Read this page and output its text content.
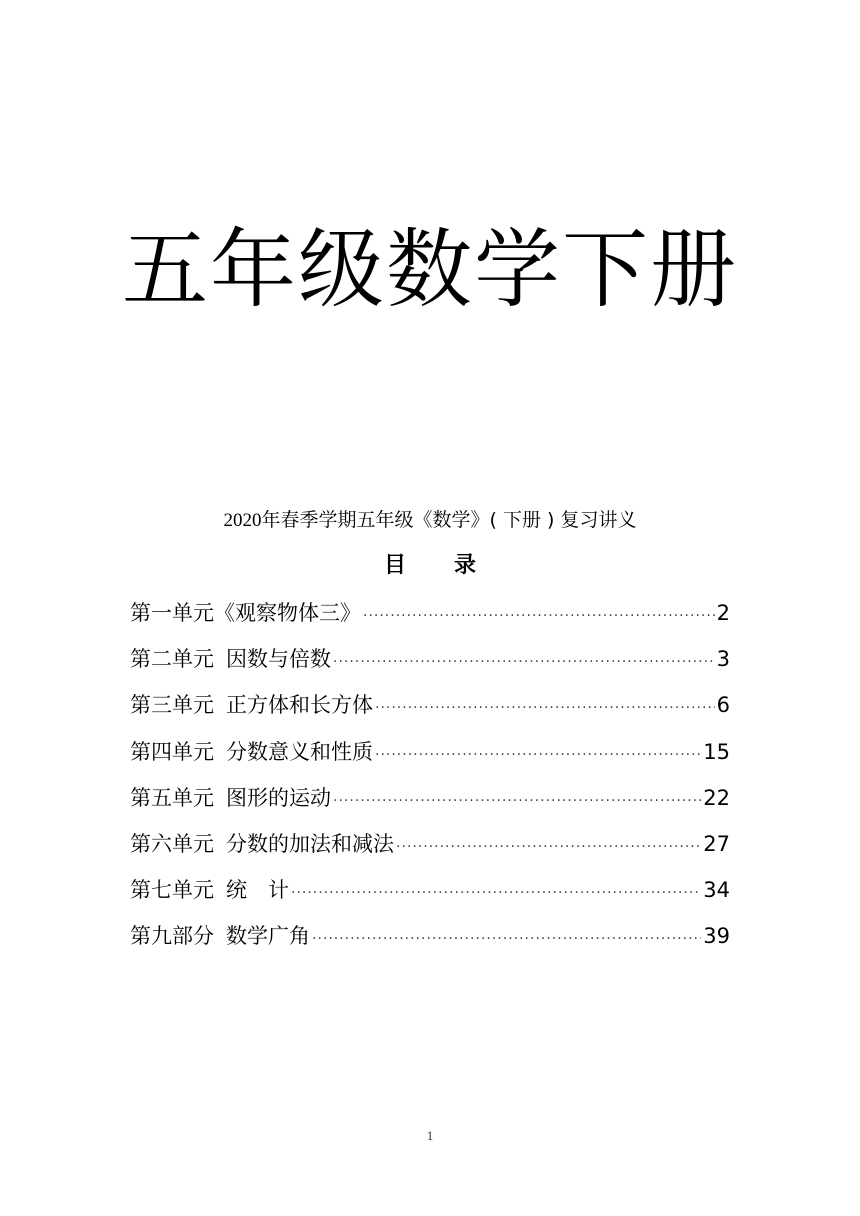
五年级数学下册
2020年春季学期五年级《数学》( 下册 ) 复习讲义
目 录
第一单元 《观察物体三》 ·····	2
第二单元 因数与倍数 ·····	3
第三单元 正方体和长方体 ·····	6
第四单元 分数意义和性质 ·····	15
第五单元 图形的运动 ·····	22
第六单元 分数的加法和减法 ·····	27
第七单元 统　计 ·····	34
第九部分 数学广角 ·····	39
1
